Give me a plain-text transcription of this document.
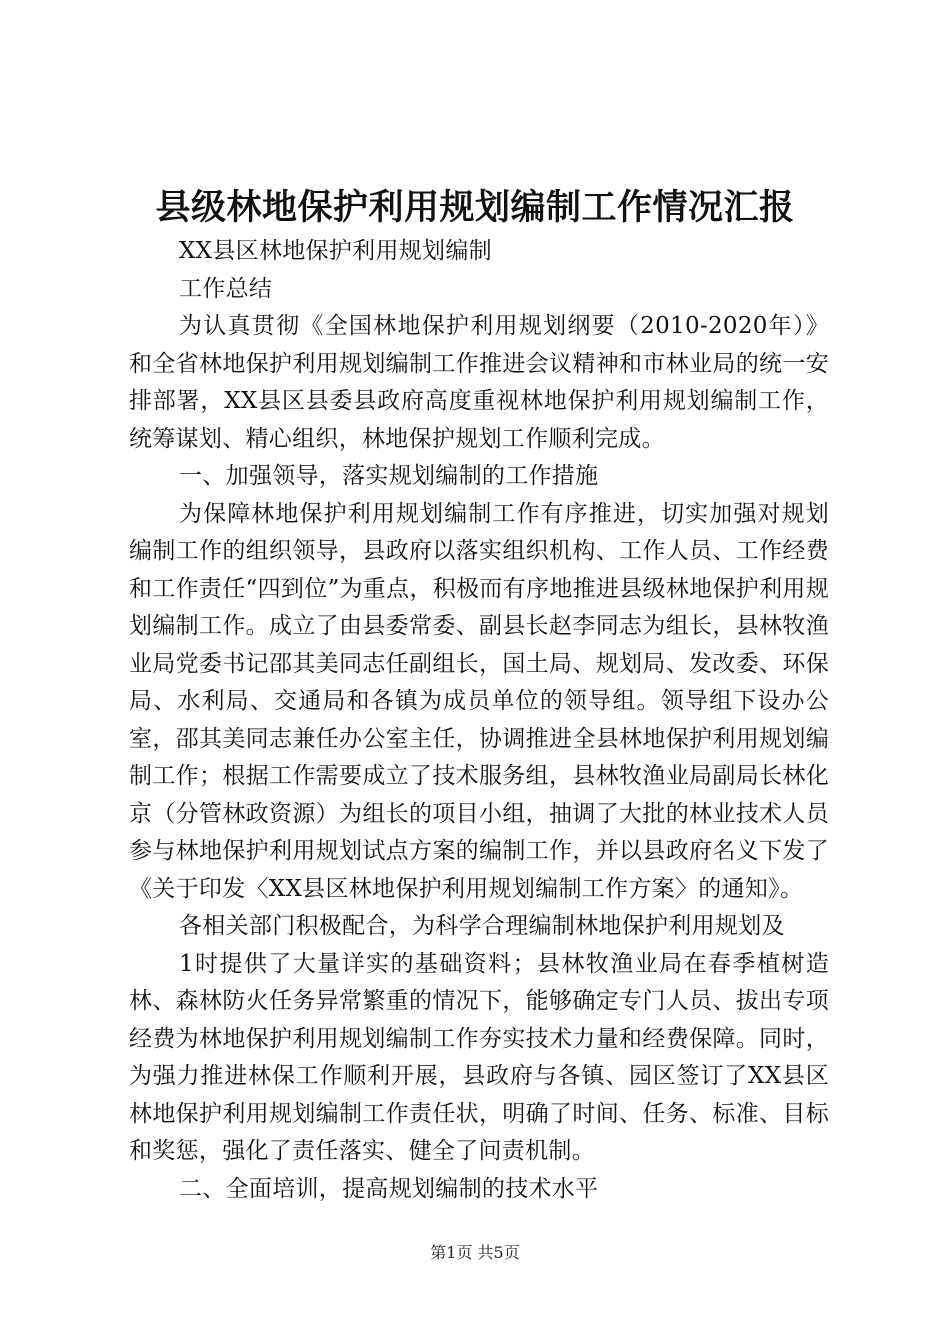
县级林地保护利用规划编制工作情况汇报

XX县区林地保护利用规划编制

工作总结

为认真贯彻《全国林地保护利用规划纲要（2010-2020年）》和全省林地保护利用规划编制工作推进会议精神和市林业局的统一安排部署，XX县区县委县政府高度重视林地保护利用规划编制工作，统筹谋划、精心组织，林地保护规划工作顺利完成。

一、加强领导，落实规划编制的工作措施

为保障林地保护利用规划编制工作有序推进，切实加强对规划编制工作的组织领导，县政府以落实组织机构、工作人员、工作经费和工作责任“四到位”为重点，积极而有序地推进县级林地保护利用规划编制工作。成立了由县委常委、副县长赵李同志为组长，县林牧渔业局党委书记邵其美同志任副组长，国土局、规划局、发改委、环保局、水利局、交通局和各镇为成员单位的领导组。领导组下设办公室，邵其美同志兼任办公室主任，协调推进全县林地保护利用规划编制工作；根据工作需要成立了技术服务组，县林牧渔业局副局长林化京（分管林政资源）为组长的项目小组，抽调了大批的林业技术人员参与林地保护利用规划试点方案的编制工作，并以县政府名义下发了《关于印发〈XX县区林地保护利用规划编制工作方案〉的通知》。

各相关部门积极配合，为科学合理编制林地保护利用规划及

1时提供了大量详实的基础资料；县林牧渔业局在春季植树造林、森林防火任务异常繁重的情况下，能够确定专门人员、拔出专项经费为林地保护利用规划编制工作夯实技术力量和经费保障。同时，为强力推进林保工作顺利开展，县政府与各镇、园区签订了XX县区林地保护利用规划编制工作责任状，明确了时间、任务、标准、目标和奖惩，强化了责任落实、健全了问责机制。

二、全面培训，提高规划编制的技术水平

第1页 共5页
